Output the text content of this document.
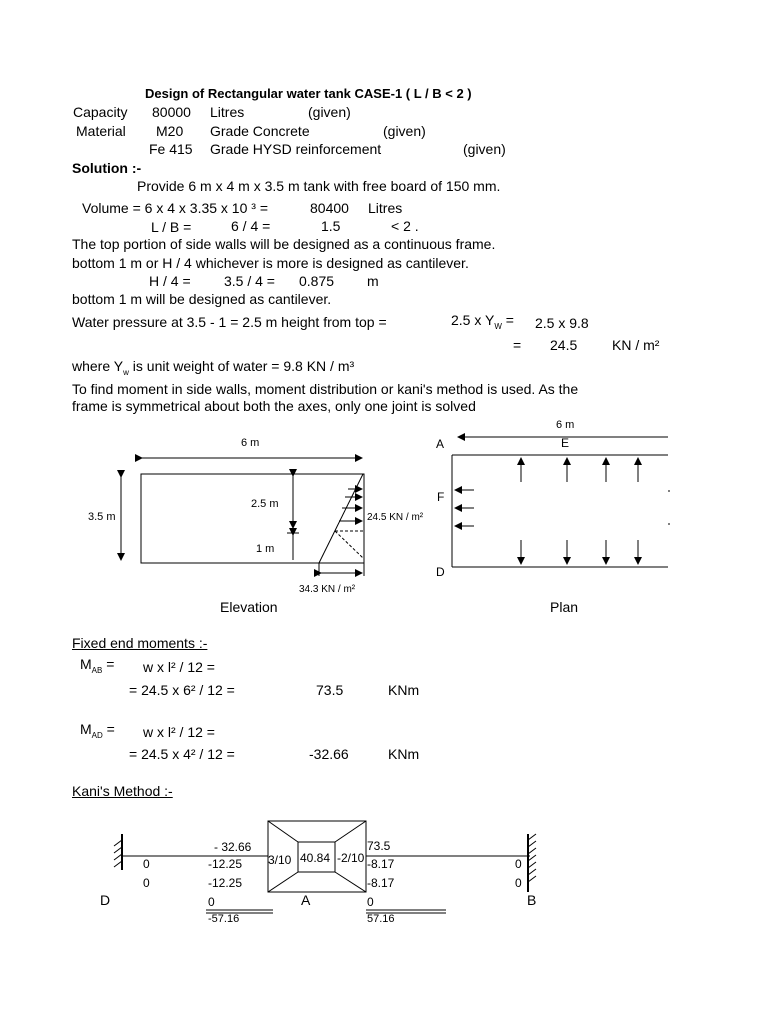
Design of Rectangular water tank CASE-1 ( L / B < 2 )
Capacity 80000 Litres	(given)
Material M20 Grade Concrete	(given)
Fe 415 Grade HYSD reinforcement	(given)
Solution :-
Provide 6 m x 4 m x 3.5 m tank with free board of 150 mm.
Volume = 6 x 4 x 3.35 x 10 ³ =	80400 Litres
L / B =	6 / 4 =	1.5	< 2 .
The top portion of side walls will be designed as a continuous frame.
bottom 1 m or H / 4 whichever is more is designed as cantilever.
H / 4 = 3.5 / 4 = 0.875 m
bottom 1 m will be designed as cantilever.
Water pressure at 3.5 - 1 = 2.5 m height from top =	2.5 x $Y_W = 2.5$ x 9.8
= 24.5 KN / m²
where $Y_w$ is unit weight of water = 9.8 KN / m³
To find moment in side walls, moment distribution or kani's method is used. As the
frame is symmetrical about both the axes, only one joint is solved
6 m
3.5 m
2.5 m
1 m
24.5 KN / m²
34.3 KN / m²
Elevation
6 m
A	E
F
D
Plan
Fixed end moments :-
$M_{AB} = w$ x l² / 12 =
= 24.5 x 6² / 12 =	73.5	KNm
$M_{AD} = w$ x l² / 12 =
= 24.5 x 4² / 12 =	-32.66	KNm
Kani's Method :-
- 32.66
-12.25
-12.25
0
-57.16
0
0
D
3/10 40.84 -2/10
A
73.5
-8.17
-8.17
0
57.16
0
0
B
